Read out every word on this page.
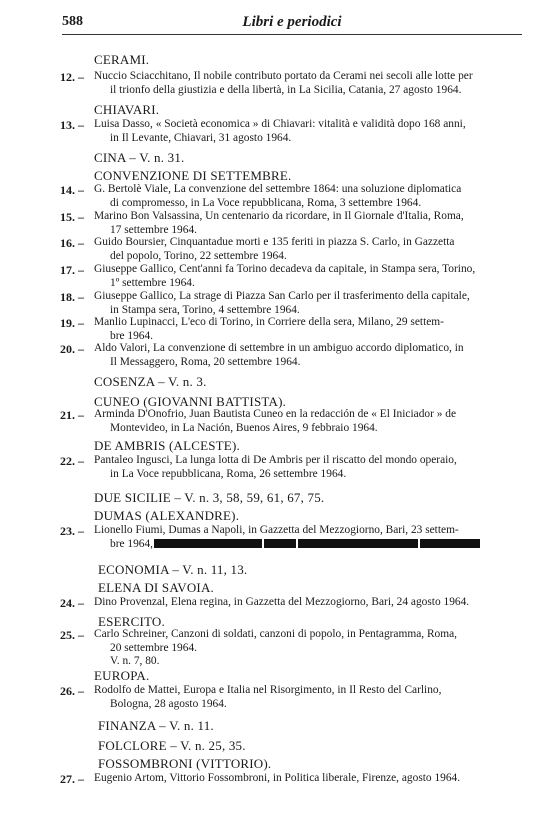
588	Libri e periodici
CERAMI.
12. – Nuccio Sciacchitano, Il nobile contributo portato da Cerami nei secoli alle lotte per
il trionfo della giustizia e della libertà, in La Sicilia, Catania, 27 agosto 1964.
CHIAVARI.
13. – Luisa Dasso, « Società economica » di Chiavari: vitalità e validità dopo 168 anni,
in Il Levante, Chiavari, 31 agosto 1964.
CINA – V. n. 31.
CONVENZIONE DI SETTEMBRE.
14. – G. Bertolè Viale, La convenzione del settembre 1864: una soluzione diplomatica
di compromesso, in La Voce repubblicana, Roma, 3 settembre 1964.
15. – Marino Bon Valsassina, Un centenario da ricordare, in Il Giornale d'Italia, Roma,
17 settembre 1964.
16. – Guido Boursier, Cinquantadue morti e 135 feriti in piazza S. Carlo, in Gazzetta
del popolo, Torino, 22 settembre 1964.
17. – Giuseppe Gallico, Cent'anni fa Torino decadeva da capitale, in Stampa sera, Torino,
1º settembre 1964.
18. – Giuseppe Gallico, La strage di Piazza San Carlo per il trasferimento della capitale,
in Stampa sera, Torino, 4 settembre 1964.
19. – Manlio Lupinacci, L'eco di Torino, in Corriere della sera, Milano, 29 settem-
bre 1964.
20. – Aldo Valori, La convenzione di settembre in un ambiguo accordo diplomatico, in
Il Messaggero, Roma, 20 settembre 1964.
COSENZA – V. n. 3.
CUNEO (GIOVANNI BATTISTA).
21. – Arminda D'Onofrio, Juan Bautista Cuneo en la redacción de « El Iniciador » de
Montevideo, in La Nación, Buenos Aires, 9 febbraio 1964.
DE AMBRIS (ALCESTE).
22. – Pantaleo Ingusci, La lunga lotta di De Ambris per il riscatto del mondo operaio,
in La Voce repubblicana, Roma, 26 settembre 1964.
DUE SICILIE – V. n. 3, 58, 59, 61, 67, 75.
DUMAS (ALEXANDRE).
23. – Lionello Fiumi, Dumas a Napoli, in Gazzetta del Mezzogiorno, Bari, 23 settem-
bre 1964,
ECONOMIA – V. n. 11, 13.
ELENA DI SAVOIA.
24. – Dino Provenzal, Elena regina, in Gazzetta del Mezzogiorno, Bari, 24 agosto 1964.
ESERCITO.
25. – Carlo Schreiner, Canzoni di soldati, canzoni di popolo, in Pentagramma, Roma,
20 settembre 1964.
V. n. 7, 80.
EUROPA.
26. – Rodolfo de Mattei, Europa e Italia nel Risorgimento, in Il Resto del Carlino,
Bologna, 28 agosto 1964.
FINANZA – V. n. 11.
FOLCLORE – V. n. 25, 35.
FOSSOMBRONI (VITTORIO).
27. – Eugenio Artom, Vittorio Fossombroni, in Politica liberale, Firenze, agosto 1964.
